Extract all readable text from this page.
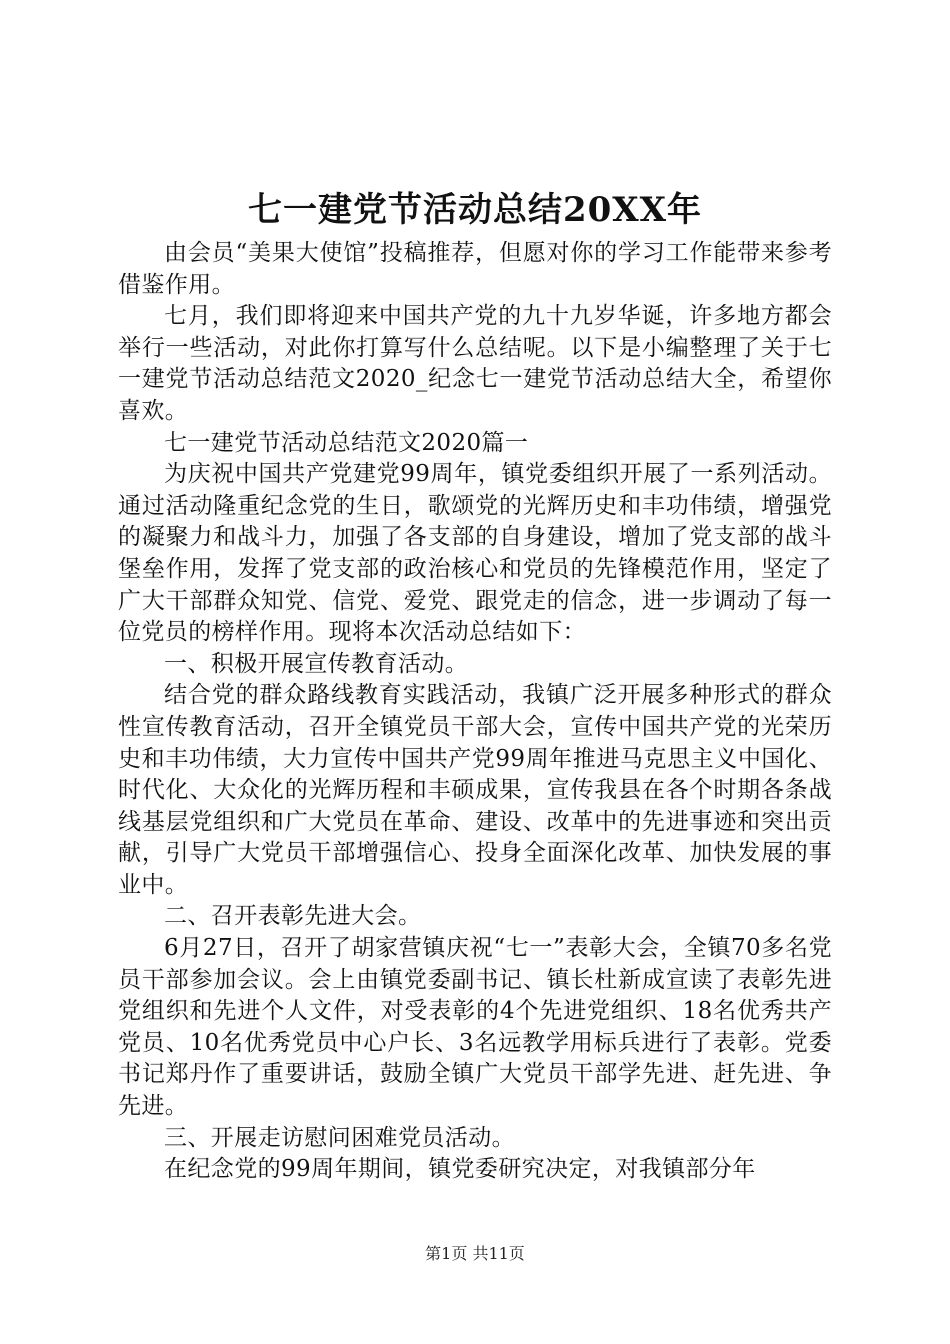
七一建党节活动总结20XX年

由会员“美果大使馆”投稿推荐，但愿对你的学习工作能带来参考借鉴作用。

七月，我们即将迎来中国共产党的九十九岁华诞，许多地方都会举行一些活动，对此你打算写什么总结呢。以下是小编整理了关于七一建党节活动总结范文2020_纪念七一建党节活动总结大全，希望你喜欢。

七一建党节活动总结范文2020篇一

为庆祝中国共产党建党99周年，镇党委组织开展了一系列活动。通过活动隆重纪念党的生日，歌颂党的光辉历史和丰功伟绩，增强党的凝聚力和战斗力，加强了各支部的自身建设，增加了党支部的战斗堡垒作用，发挥了党支部的政治核心和党员的先锋模范作用，坚定了广大干部群众知党、信党、爱党、跟党走的信念，进一步调动了每一位党员的榜样作用。现将本次活动总结如下：

一、积极开展宣传教育活动。

结合党的群众路线教育实践活动，我镇广泛开展多种形式的群众性宣传教育活动，召开全镇党员干部大会，宣传中国共产党的光荣历史和丰功伟绩，大力宣传中国共产党99周年推进马克思主义中国化、时代化、大众化的光辉历程和丰硕成果，宣传我县在各个时期各条战线基层党组织和广大党员在革命、建设、改革中的先进事迹和突出贡献，引导广大党员干部增强信心、投身全面深化改革、加快发展的事业中。

二、召开表彰先进大会。

6月27日，召开了胡家营镇庆祝“七一”表彰大会，全镇70多名党员干部参加会议。会上由镇党委副书记、镇长杜新成宣读了表彰先进党组织和先进个人文件，对受表彰的4个先进党组织、18名优秀共产党员、10名优秀党员中心户长、3名远教学用标兵进行了表彰。党委书记郑丹作了重要讲话，鼓励全镇广大党员干部学先进、赶先进、争先进。

三、开展走访慰问困难党员活动。

在纪念党的99周年期间，镇党委研究决定，对我镇部分年

第1页 共11页
